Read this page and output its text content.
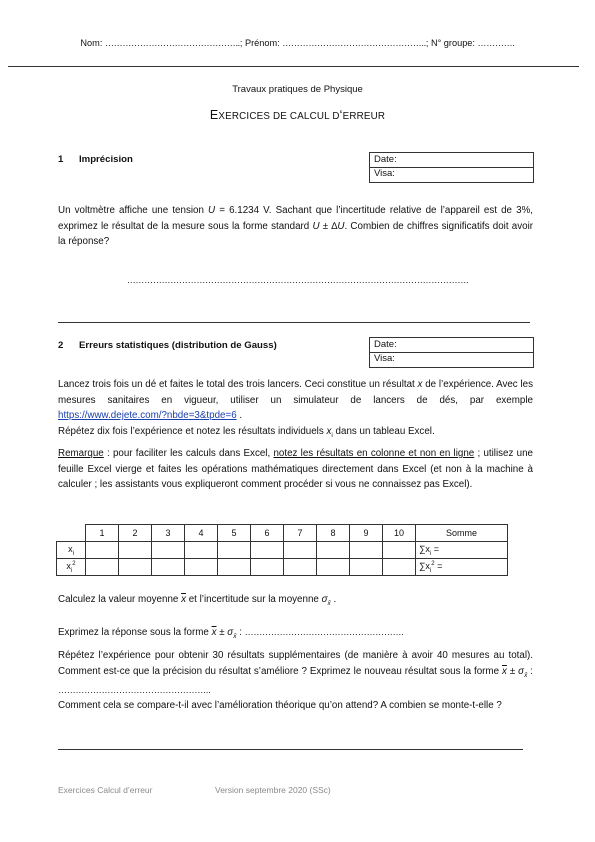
Nom: ………………………………………..; Prénom: …………………………………………..; N° groupe: ………….
Travaux pratiques de Physique
EXERCICES DE CALCUL D‘ERREUR
1 Imprécision	Date:
Visa:
Un voltmètre affiche une tension U = 6.1234 V. Sachant que l’incertitude relative de l’appareil est de 3%, exprimez le résultat de la mesure sous la forme standard U ± ∆U. Combien de chiffres significatifs doit avoir la réponse?
……………………………………………………………………………………………………….
2 Erreurs statistiques (distribution de Gauss)	Date:
Visa:
Lancez trois fois un dé et faites le total des trois lancers. Ceci constitue un résultat x de l’expérience. Avec les mesures sanitaires en vigueur, utiliser un simulateur de lancers de dés, par exemple https://www.dejete.com/?nbde=3&tpde=6 .
Répétez dix fois l’expérience et notez les résultats individuels $x_i$ dans un tableau Excel.
Remarque : pour faciliter les calculs dans Excel, notez les résultats en colonne et non en ligne ; utilisez une feuille Excel vierge et faites les opérations mathématiques directement dans Excel (et non à la machine à calculer ; les assistants vous expliqueront comment procéder si vous ne connaissez pas Excel).
	1	2	3	4	5	6	7	8	9	10	Somme
$x_i$											$\sum x_i$ =
$x_i^2$											$\sum x_i^2$ =
Calculez la valeur moyenne $\overline{x}$ et l’incertitude sur la moyenne $\sigma_{x̄}$ .
Exprimez la réponse sous la forme $\overline{x} \pm \sigma_{x̄}$ : ……………………………………………….
Répétez l’expérience pour obtenir 30 résultats supplémentaires (de manière à avoir 40 mesures au total). Comment est-ce que la précision du résultat s’améliore ? Exprimez le nouveau résultat sous la forme $\overline{x} \pm \sigma_{x̄}$ : ……………………………………………..
Comment cela se compare-t-il avec l’amélioration théorique qu’on attend? A combien se monte-t-elle ?
Exercices Calcul d’erreur	Version septembre 2020 (SSc)
